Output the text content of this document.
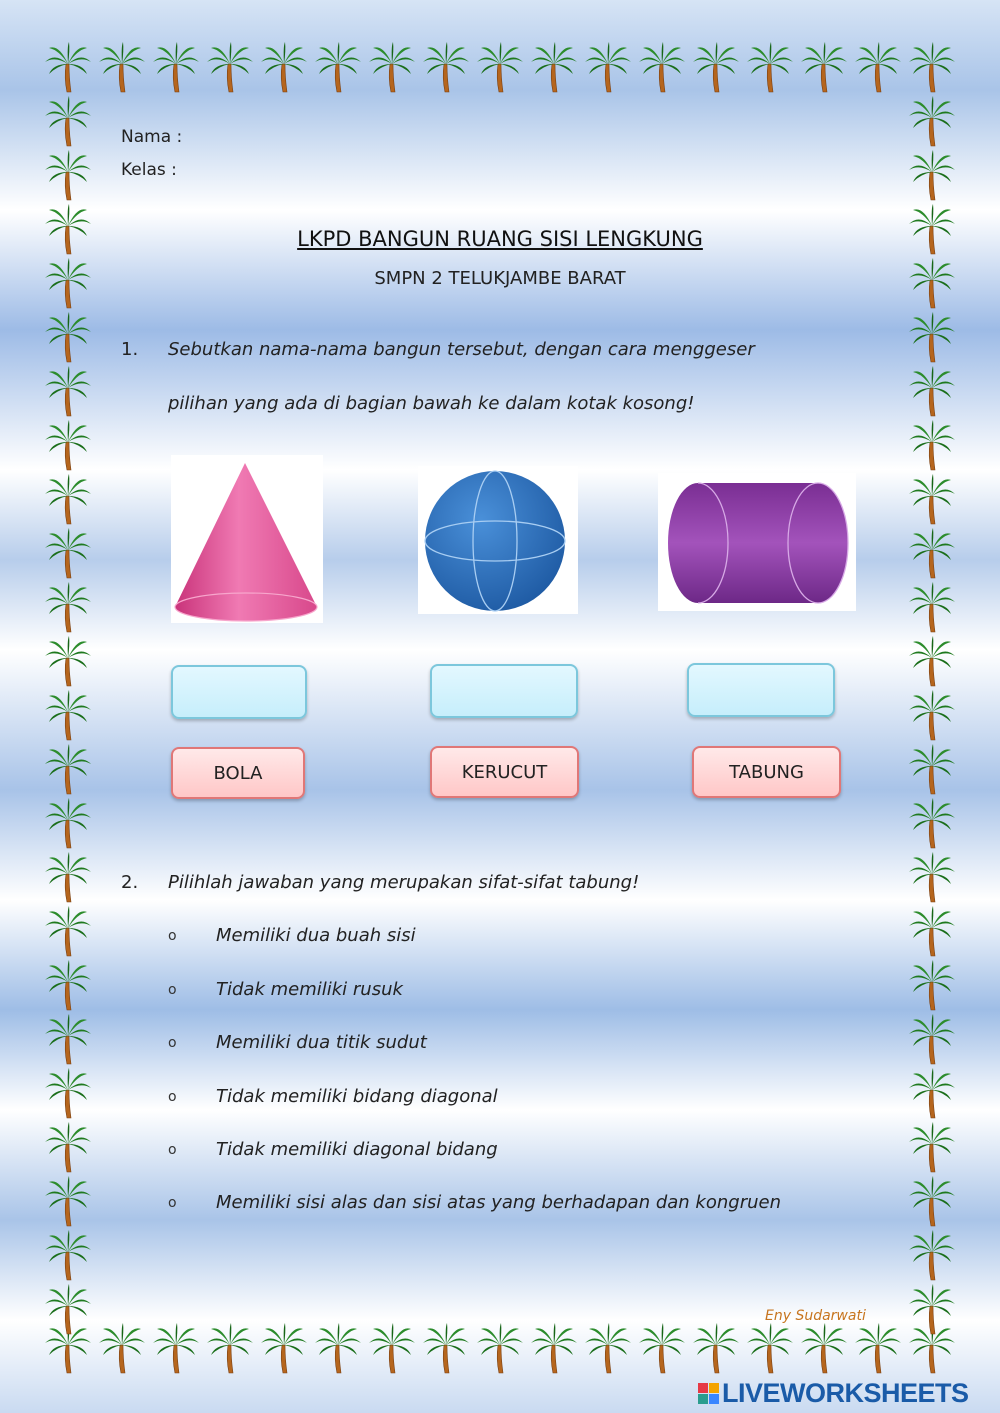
Nama :
Kelas :
LKPD BANGUN RUANG SISI LENGKUNG
SMPN 2 TELUKJAMBE BARAT
1. Sebutkan nama-nama bangun tersebut, dengan cara menggeser
pilihan yang ada di bagian bawah ke dalam kotak kosong!
BOLA	KERUCUT	TABUNG
2. Pilihlah jawaban yang merupakan sifat-sifat tabung!
o	Memiliki dua buah sisi
o	Tidak memiliki rusuk
o	Memiliki dua titik sudut
o	Tidak memiliki bidang diagonal
o	Tidak memiliki diagonal bidang
o	Memiliki sisi alas dan sisi atas yang berhadapan dan kongruen
Eny Sudarwati
LIVEWORKSHEETS
